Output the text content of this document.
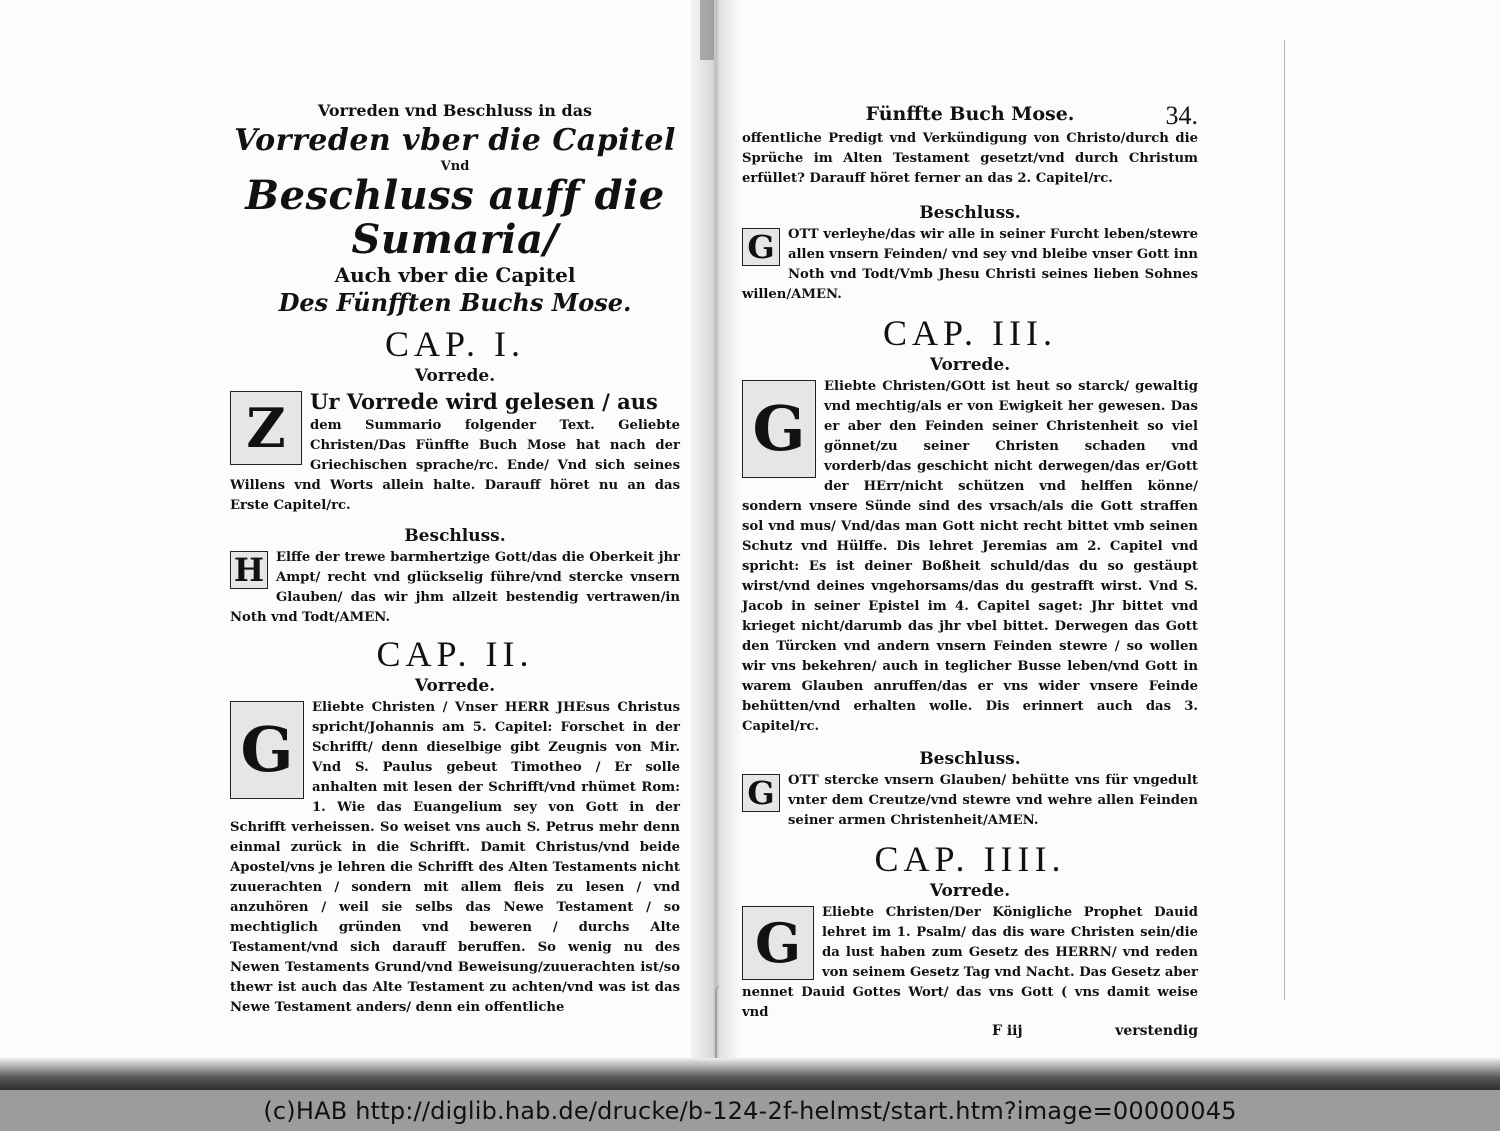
Vorreden vnd Beschluss in das
Vorreden vber die Capitel
Vnd
Beschluss auff die Sumaria/
Auch vber die Capitel
Des Fünfften Buchs Mose.
CAP. I.
Vorrede.
Z	Ur Vorrede wird gelesen / aus
dem Summario folgender Text. Geliebte Christen/Das Fünffte Buch Mose hat nach der Griechischen sprache/rc. Ende/ Vnd sich seines Willens vnd Worts allein halte. Darauff höret nu an das Erste Capitel/rc.
Beschluss.
H Elffe der trewe barmhertzige Gott/das die Oberkeit jhr Ampt/ recht vnd glückselig führe/vnd stercke vnsern Glauben/ das wir jhm allzeit bestendig vertrawen/in Noth vnd Todt/AMEN.
CAP. II.
Vorrede.
G
Eliebte Christen / Vnser HERR JHEsus Christus spricht/Johannis am 5. Capitel: Forschet in der Schrifft/ denn dieselbige gibt Zeugnis von Mir. Vnd S. Paulus gebeut Timotheo / Er solle anhalten mit lesen der Schrifft/vnd rhümet Rom: 1. Wie das Euangelium sey von Gott in der Schrifft verheissen. So weiset vns auch S. Petrus mehr denn einmal zurück in die Schrifft. Damit Christus/vnd beide Apostel/vns je lehren die Schrifft des Alten Testaments nicht zuuerachten / sondern mit allem fleis zu lesen / vnd anzuhören / weil sie selbs das Newe Testament / so mechtiglich gründen vnd beweren / durchs Alte Testament/vnd sich darauff beruffen. So wenig nu des Newen Testaments Grund/vnd Beweisung/zuuerachten ist/so thewr ist auch das Alte Testament zu achten/vnd was ist das Newe Testament anders/ denn ein offentliche
Fünffte Buch Mose.	34.
offentliche Predigt vnd Verkündigung von Christo/durch die Sprüche im Alten Testament gesetzt/vnd durch Christum erfüllet? Darauff höret ferner an das 2. Capitel/rc.
Beschluss.
G	OTT verleyhe/das wir alle in seiner Furcht leben/stewre allen vnsern Feinden/ vnd sey vnd bleibe vnser Gott inn Noth vnd Todt/Vmb Jhesu Christi seines lieben Sohnes willen/AMEN.
CAP. III.
Vorrede.
G
Eliebte Christen/GOtt ist heut so starck/ gewaltig vnd mechtig/als er von Ewigkeit her gewesen. Das er aber den Feinden seiner Christenheit so viel gönnet/zu seiner Christen schaden vnd vorderb/das geschicht nicht derwegen/das er/Gott der HErr/nicht schützen vnd helffen könne/ sondern vnsere Sünde sind des vrsach/als die Gott straffen sol vnd mus/ Vnd/das man Gott nicht recht bittet vmb seinen Schutz vnd Hülffe. Dis lehret Jeremias am 2. Capitel vnd spricht: Es ist deiner Boßheit schuld/das du so gestäupt wirst/vnd deines vngehorsams/das du gestrafft wirst. Vnd S. Jacob in seiner Epistel im 4. Capitel saget: Jhr bittet vnd krieget nicht/darumb das jhr vbel bittet. Derwegen das Gott den Türcken vnd andern vnsern Feinden stewre / so wollen wir vns bekehren/ auch in teglicher Busse leben/vnd Gott in warem Glauben anruffen/das er vns wider vnsere Feinde behütten/vnd erhalten wolle. Dis erinnert auch das 3. Capitel/rc.
Beschluss.
G	OTT stercke vnsern Glauben/ behütte vns für vngedult vnter dem Creutze/vnd stewre vnd wehre allen Feinden seiner armen Christenheit/AMEN.
CAP. IIII.
Vorrede.
G	Eliebte Christen/Der Königliche Prophet Dauid lehret im 1. Psalm/ das dis ware Christen sein/die da lust haben zum Gesetz des HERRN/ vnd reden von seinem Gesetz Tag vnd Nacht. Das Gesetz aber nennet Dauid Gottes Wort/ das vns Gott ( vns damit weise vnd
F iij	verstendig
(c)HAB http://diglib.hab.de/drucke/b-124-2f-helmst/start.htm?image=00000045
